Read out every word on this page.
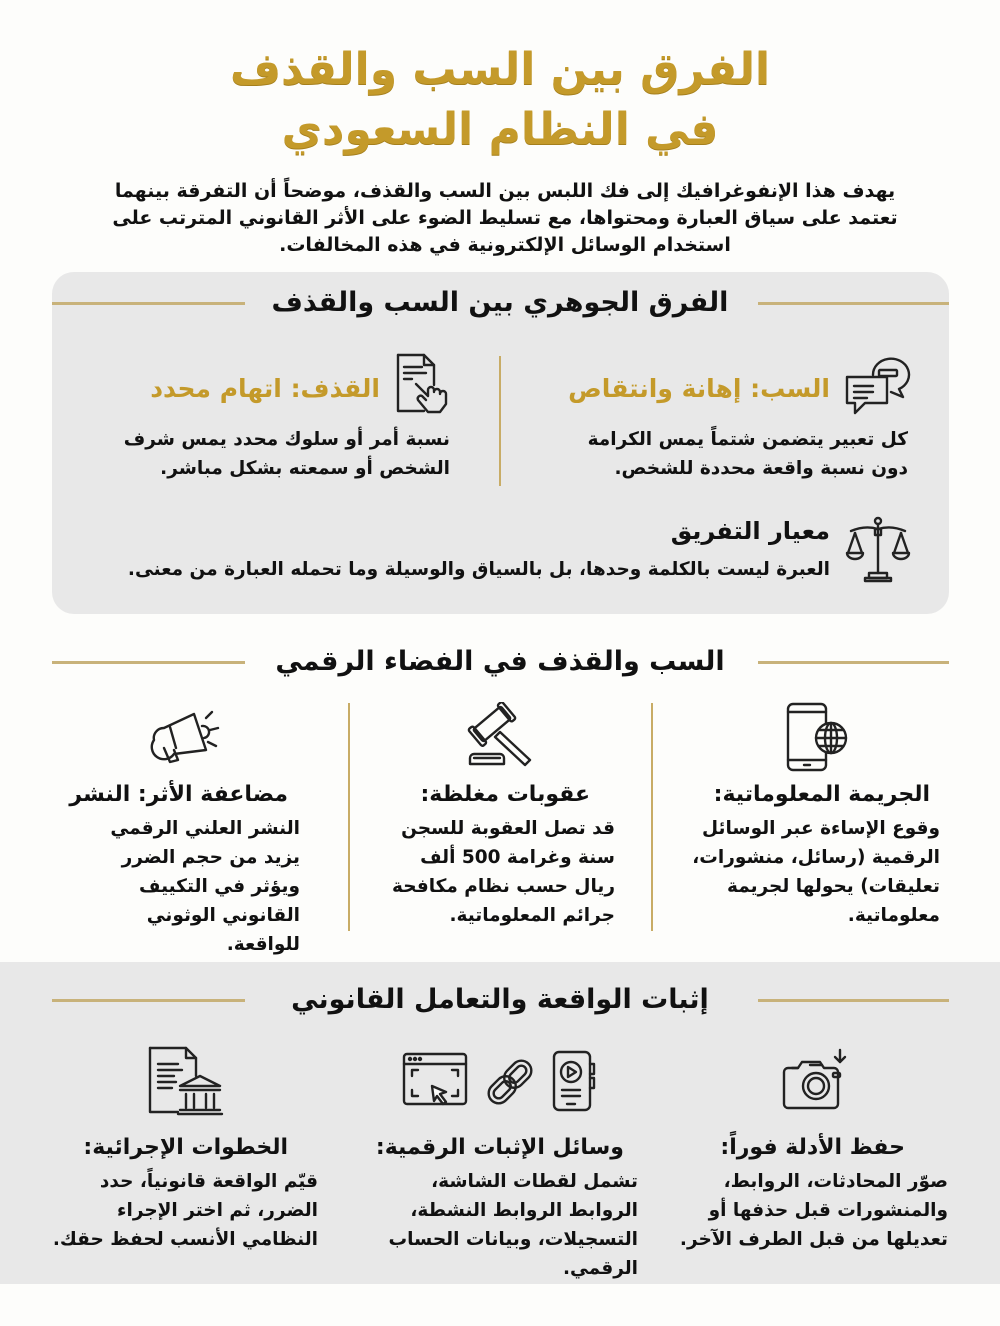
الفرق بين السب والقذف
في النظام السعودي
يهدف هذا الإنفوغرافيك إلى فك اللبس بين السب والقذف، موضحاً أن التفرقة بينهما تعتمد على سياق العبارة ومحتواها، مع تسليط الضوء على الأثر القانوني المترتب على استخدام الوسائل الإلكترونية في هذه المخالفات.
الفرق الجوهري بين السب والقذف
السب: إهانة وانتقاص
كل تعبير يتضمن شتماً يمس الكرامة دون نسبة واقعة محددة للشخص.
القذف: اتهام محدد
نسبة أمر أو سلوك محدد يمس شرف الشخص أو سمعته بشكل مباشر.
معيار التفريق
العبرة ليست بالكلمة وحدها، بل بالسياق والوسيلة وما تحمله العبارة من معنى.
السب والقذف في الفضاء الرقمي
الجريمة المعلوماتية:
وقوع الإساءة عبر الوسائل الرقمية (رسائل، منشورات، تعليقات) يحولها لجريمة معلوماتية.
عقوبات مغلظة:
قد تصل العقوبة للسجن سنة وغرامة 500 ألف ريال حسب نظام مكافحة جرائم المعلوماتية.
مضاعفة الأثر: النشر
النشر العلني الرقمي يزيد من حجم الضرر ويؤثر في التكييف القانوني الوثوني للواقعة.
إثبات الواقعة والتعامل القانوني
حفظ الأدلة فوراً:
صوّر المحادثات، الروابط، والمنشورات قبل حذفها أو تعديلها من قبل الطرف الآخر.
وسائل الإثبات الرقمية:
تشمل لقطات الشاشة، الروابط الروابط النشطة، التسجيلات، وبيانات الحساب الرقمي.
الخطوات الإجرائية:
قيّم الواقعة قانونياً، حدد الضرر، ثم اختر الإجراء النظامي الأنسب لحفظ حقك.
